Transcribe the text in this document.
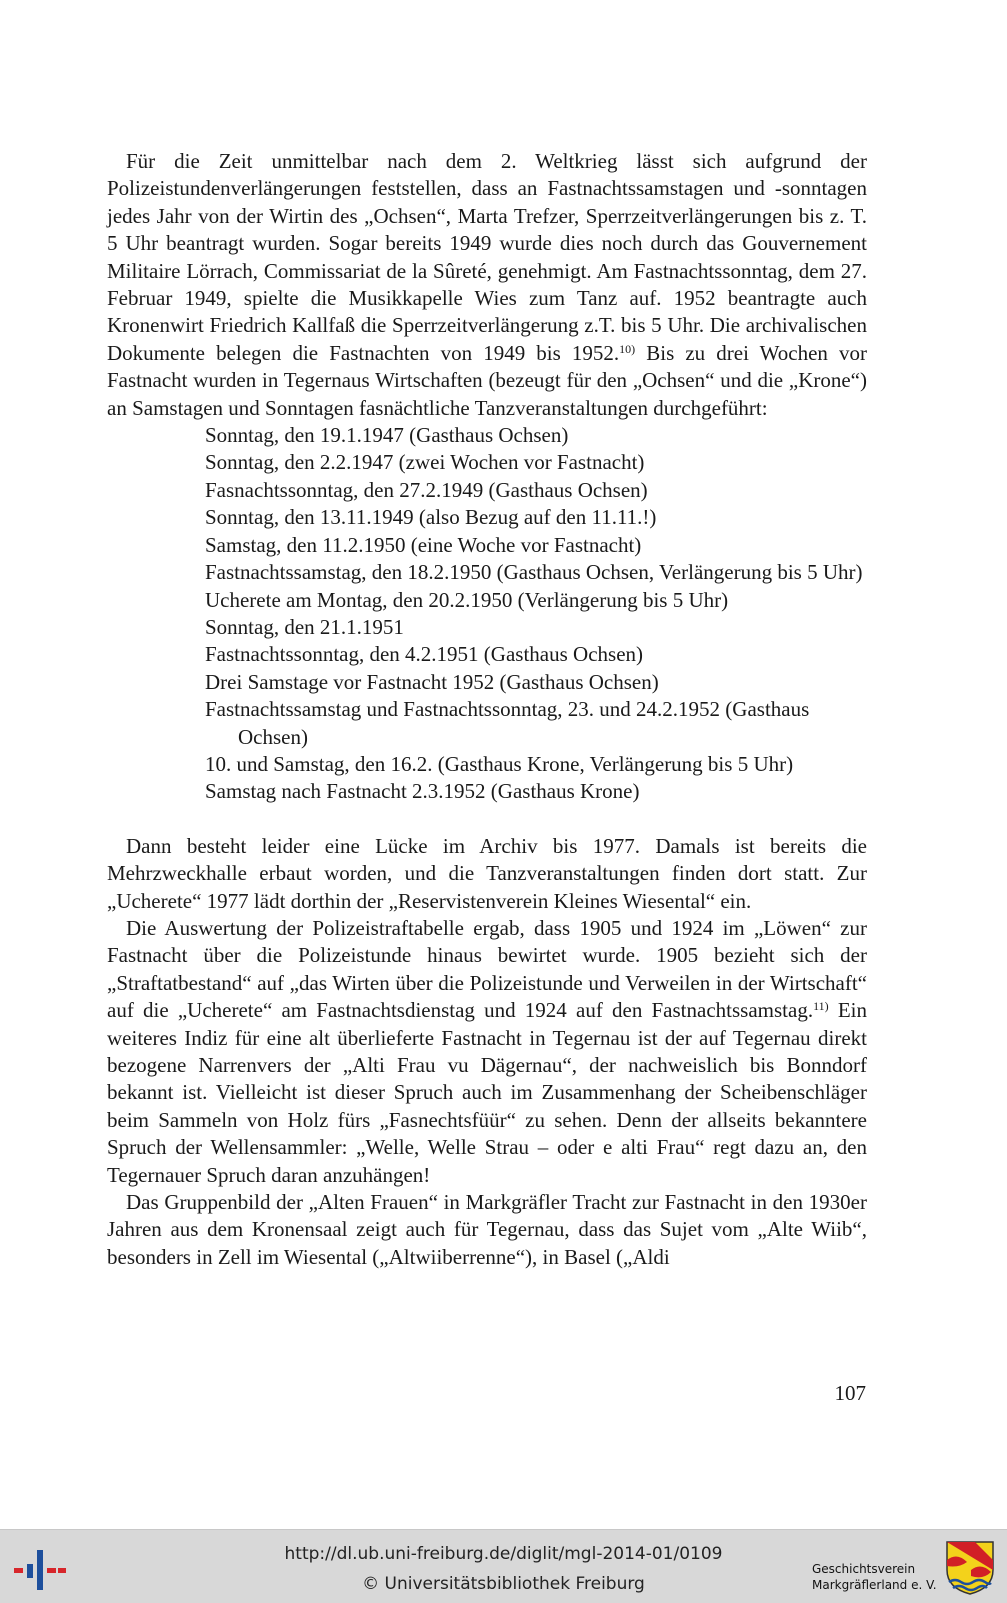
Für die Zeit unmittelbar nach dem 2. Weltkrieg lässt sich aufgrund der Polizeistundenverlängerungen feststellen, dass an Fastnachtssamstagen und -sonntagen jedes Jahr von der Wirtin des „Ochsen“, Marta Trefzer, Sperrzeitverlängerungen bis z. T. 5 Uhr beantragt wurden. Sogar bereits 1949 wurde dies noch durch das Gouvernement Militaire Lörrach, Commissariat de la Sûreté, genehmigt. Am Fastnachtssonntag, dem 27. Februar 1949, spielte die Musikkapelle Wies zum Tanz auf. 1952 beantragte auch Kronenwirt Friedrich Kallfaß die Sperrzeitverlängerung z.T. bis 5 Uhr. Die archivalischen Dokumente belegen die Fastnachten von 1949 bis 1952.$^{10)}$ Bis zu drei Wochen vor Fastnacht wurden in Tegernaus Wirtschaften (bezeugt für den „Ochsen“ und die „Krone“) an Samstagen und Sonntagen fasnächtliche Tanzveranstaltungen durchgeführt:

Sonntag, den 19.1.1947 (Gasthaus Ochsen)
Sonntag, den 2.2.1947 (zwei Wochen vor Fastnacht)
Fasnachtssonntag, den 27.2.1949 (Gasthaus Ochsen)
Sonntag, den 13.11.1949 (also Bezug auf den 11.11.!)
Samstag, den 11.2.1950 (eine Woche vor Fastnacht)
Fastnachtssamstag, den 18.2.1950 (Gasthaus Ochsen, Verlängerung bis 5 Uhr)
Ucherete am Montag, den 20.2.1950 (Verlängerung bis 5 Uhr)
Sonntag, den 21.1.1951
Fastnachtssonntag, den 4.2.1951 (Gasthaus Ochsen)
Drei Samstage vor Fastnacht 1952 (Gasthaus Ochsen)
Fastnachtssamstag und Fastnachtssonntag, 23. und 24.2.1952 (Gasthaus Ochsen)
10. und Samstag, den 16.2. (Gasthaus Krone, Verlängerung bis 5 Uhr)
Samstag nach Fastnacht 2.3.1952 (Gasthaus Krone)

Dann besteht leider eine Lücke im Archiv bis 1977. Damals ist bereits die Mehrzweckhalle erbaut worden, und die Tanzveranstaltungen finden dort statt. Zur „Ucherete“ 1977 lädt dorthin der „Reservistenverein Kleines Wiesental“ ein.

Die Auswertung der Polizeistraftabelle ergab, dass 1905 und 1924 im „Löwen“ zur Fastnacht über die Polizeistunde hinaus bewirtet wurde. 1905 bezieht sich der „Straftatbestand“ auf „das Wirten über die Polizeistunde und Verweilen in der Wirtschaft“ auf die „Ucherete“ am Fastnachtsdienstag und 1924 auf den Fastnachtssamstag.$^{11)}$ Ein weiteres Indiz für eine alt überlieferte Fastnacht in Tegernau ist der auf Tegernau direkt bezogene Narrenvers der „Alti Frau vu Dägernau“, der nachweislich bis Bonndorf bekannt ist. Vielleicht ist dieser Spruch auch im Zusammenhang der Scheibenschläger beim Sammeln von Holz fürs „Fasnechtsfüür“ zu sehen. Denn der allseits bekanntere Spruch der Wellensammler: „Welle, Welle Strau – oder e alti Frau“ regt dazu an, den Tegernauer Spruch daran anzuhängen!

Das Gruppenbild der „Alten Frauen“ in Markgräfler Tracht zur Fastnacht in den 1930er Jahren aus dem Kronensaal zeigt auch für Tegernau, dass das Sujet vom „Alte Wiib“, besonders in Zell im Wiesental („Altwiiberrenne“), in Basel („Aldi

107
http://dl.ub.uni-freiburg.de/diglit/mgl-2014-01/0109
© Universitätsbibliothek Freiburg
Geschichtsverein
Markgräflerland e. V.
